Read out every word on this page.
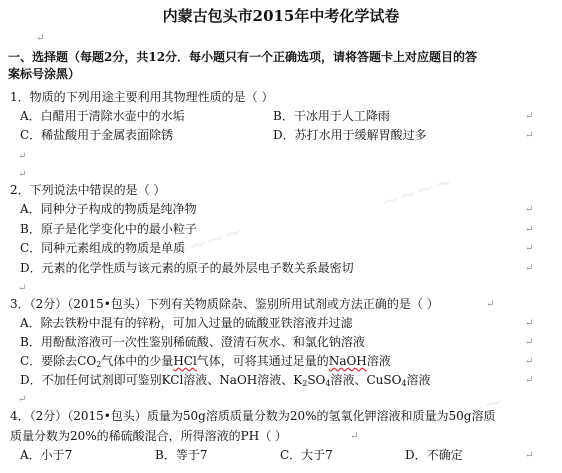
~~~~
~~~~
~~~~
内蒙古包头市2015年中考化学试卷
↵
一、选择题（每题2分，共12分．每小题只有一个正确选项，请将答题卡上对应题目的答
案标号涂黑）
1．物质的下列用途主要利用其物理性质的是（ ）
A．白醋用于清除水壶中的水垢	B．干冰用于人工降雨	↵
C．稀盐酸用于金属表面除锈	D．苏打水用于缓解胃酸过多	↵
↵
↵
2．下列说法中错误的是（ ）
A．同种分子构成的物质是纯净物	↵
B．原子是化学变化中的最小粒子	↵
C．同种元素组成的物质是单质	↵
D．元素的化学性质与该元素的原子的最外层电子数关系最密切	↵
↵
3．（2分）（2015•包头）下列有关物质除杂、鉴别所用试剂或方法正确的是（ ）	↵
A．除去铁粉中混有的锌粉，可加入过量的硫酸亚铁溶液并过滤	↵
B．用酚酞溶液可一次性鉴别稀硫酸、澄清石灰水、和氯化钠溶液	↵
C．要除去$CO_2$气体中的少量HCl气体，可将其通过足量的NaOH溶液	↵
D．不加任何试剂即可鉴别KCl溶液、NaOH溶液、$K_2SO_4$溶液、CuSO$_4$溶液	↵
↵
4．（2分）（2015•包头）质量为50g溶质质量分数为20%的氢氧化钾溶液和质量为50g溶质
质量分数为20%的稀硫酸混合，所得溶液的PH（ ）	↵
A．小于7	B．等于7	C．大于7	D．不确定	↵
